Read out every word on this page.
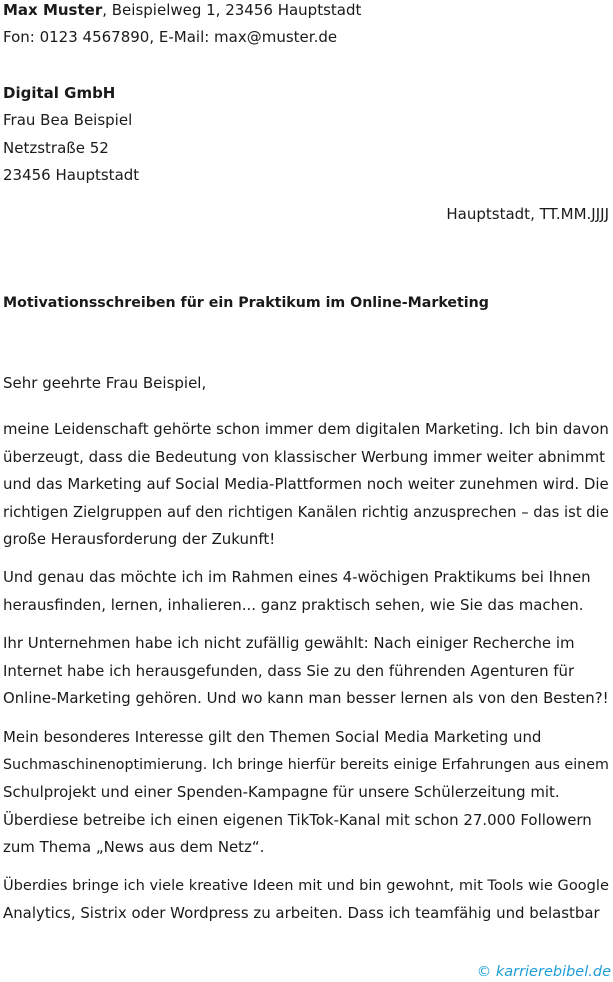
Max Muster, Beispielweg 1, 23456 Hauptstadt
Fon: 0123 4567890, E-Mail: max@muster.de
Digital GmbH
Frau Bea Beispiel
Netzstraße 52
23456 Hauptstadt
Hauptstadt, TT.MM.JJJJ
Motivationsschreiben für ein Praktikum im Online-Marketing
Sehr geehrte Frau Beispiel,
meine Leidenschaft gehörte schon immer dem digitalen Marketing. Ich bin davon
überzeugt, dass die Bedeutung von klassischer Werbung immer weiter abnimmt
und das Marketing auf Social Media-Plattformen noch weiter zunehmen wird. Die
richtigen Zielgruppen auf den richtigen Kanälen richtig anzusprechen – das ist die
große Herausforderung der Zukunft!
Und genau das möchte ich im Rahmen eines 4-wöchigen Praktikums bei Ihnen
herausfinden, lernen, inhalieren... ganz praktisch sehen, wie Sie das machen.
Ihr Unternehmen habe ich nicht zufällig gewählt: Nach einiger Recherche im
Internet habe ich herausgefunden, dass Sie zu den führenden Agenturen für
Online-Marketing gehören. Und wo kann man besser lernen als von den Besten?!
Mein besonderes Interesse gilt den Themen Social Media Marketing und
Suchmaschinenoptimierung. Ich bringe hierfür bereits einige Erfahrungen aus einem
Schulprojekt und einer Spenden-Kampagne für unsere Schülerzeitung mit.
Überdiese betreibe ich einen eigenen TikTok-Kanal mit schon 27.000 Followern
zum Thema „News aus dem Netz“.
Überdies bringe ich viele kreative Ideen mit und bin gewohnt, mit Tools wie Google
Analytics, Sistrix oder Wordpress zu arbeiten. Dass ich teamfähig und belastbar
© karrierebibel.de
